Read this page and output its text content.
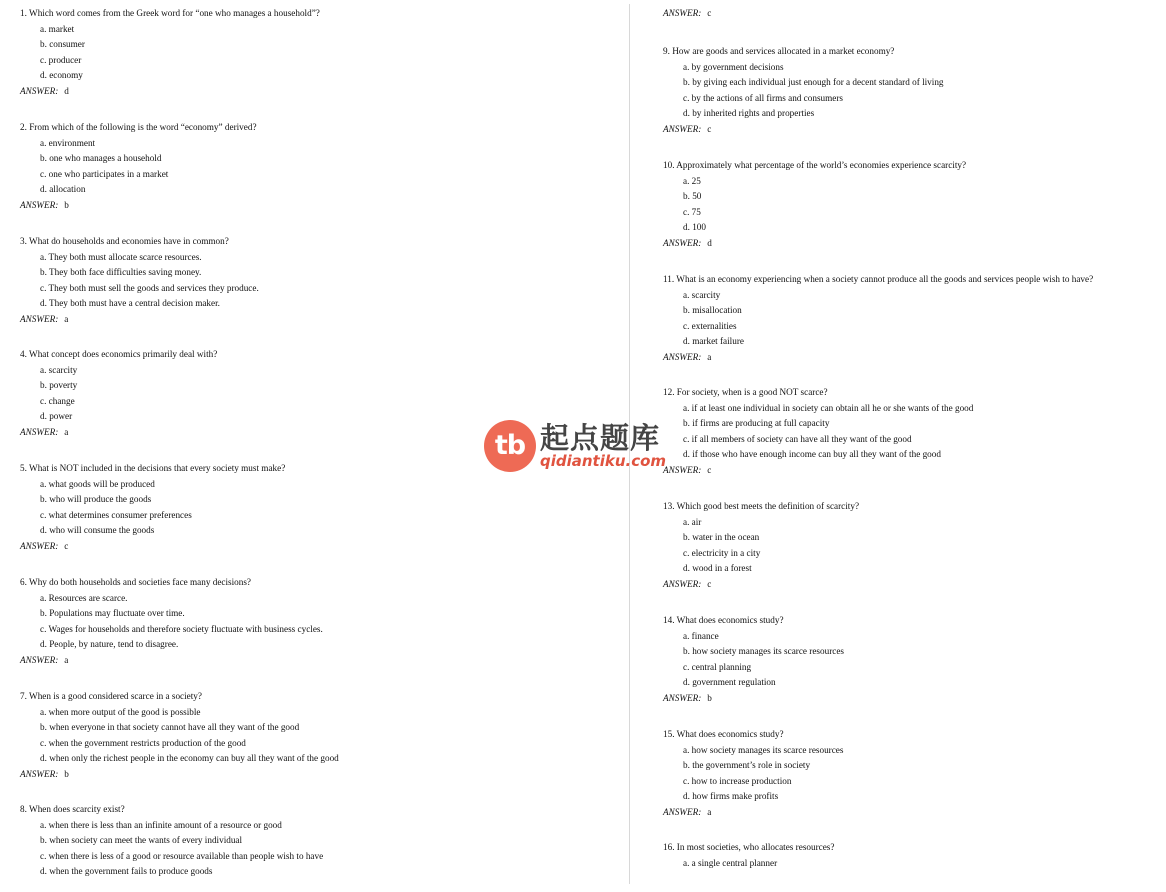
1. Which word comes from the Greek word for “one who manages a household”?
a. market
b. consumer
c. producer
d. economy
ANSWER: d
2. From which of the following is the word “economy” derived?
a. environment
b. one who manages a household
c. one who participates in a market
d. allocation
ANSWER: b
3. What do households and economies have in common?
a. They both must allocate scarce resources.
b. They both face difficulties saving money.
c. They both must sell the goods and services they produce.
d. They both must have a central decision maker.
ANSWER: a
4. What concept does economics primarily deal with?
a. scarcity
b. poverty
c. change
d. power
ANSWER: a
5. What is NOT included in the decisions that every society must make?
a. what goods will be produced
b. who will produce the goods
c. what determines consumer preferences
d. who will consume the goods
ANSWER: c
6. Why do both households and societies face many decisions?
a. Resources are scarce.
b. Populations may fluctuate over time.
c. Wages for households and therefore society fluctuate with business cycles.
d. People, by nature, tend to disagree.
ANSWER: a
7. When is a good considered scarce in a society?
a. when more output of the good is possible
b. when everyone in that society cannot have all they want of the good
c. when the government restricts production of the good
d. when only the richest people in the economy can buy all they want of the good
ANSWER: b
8. When does scarcity exist?
a. when there is less than an infinite amount of a resource or good
b. when society can meet the wants of every individual
c. when there is less of a good or resource available than people wish to have
d. when the government fails to produce goods
ANSWER: c
9. How are goods and services allocated in a market economy?
a. by government decisions
b. by giving each individual just enough for a decent standard of living
c. by the actions of all firms and consumers
d. by inherited rights and properties
ANSWER: c
10. Approximately what percentage of the world’s economies experience scarcity?
a. 25
b. 50
c. 75
d. 100
ANSWER: d
11. What is an economy experiencing when a society cannot produce all the goods and services people wish to have?
a. scarcity
b. misallocation
c. externalities
d. market failure
ANSWER: a
12. For society, when is a good NOT scarce?
a. if at least one individual in society can obtain all he or she wants of the good
b. if firms are producing at full capacity
c. if all members of society can have all they want of the good
d. if those who have enough income can buy all they want of the good
ANSWER: c
13. Which good best meets the definition of scarcity?
a. air
b. water in the ocean
c. electricity in a city
d. wood in a forest
ANSWER: c
14. What does economics study?
a. finance
b. how society manages its scarce resources
c. central planning
d. government regulation
ANSWER: b
15. What does economics study?
a. how society manages its scarce resources
b. the government’s role in society
c. how to increase production
d. how firms make profits
ANSWER: a
16. In most societies, who allocates resources?
a. a single central planner
tb 起点题库
qidiantiku.com
